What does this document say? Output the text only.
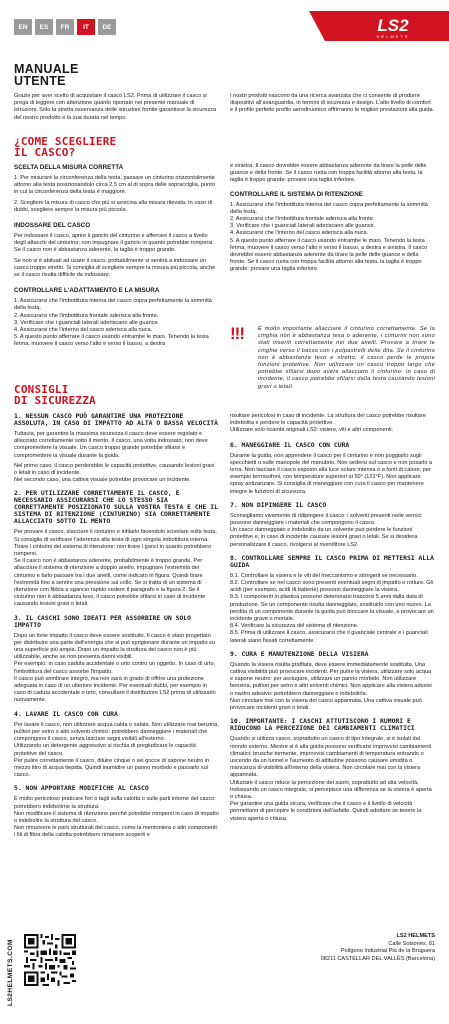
EN	ES	FR	IT	DE	LS2
HELMETS
MANUALE
UTENTE

Grazie per aver scelto di acquistare il casco LS2. Prima di utilizzare il casco si prega di leggere con attenzione quanto riportato nel presente manuale di istruzioni. Solo la stretta osservanza delle istruzioni fornite garantisce la sicurezza del nostro prodotto e la sua durata nel tempo.

I nostri prodotti nascono da una ricerca avanzata che ci consente di produrre dispositivi all'avanguardia, in termini di sicurezza e design. L'alto livello di comfort e il profilo perfetto profilo aerodinamico offrirranno le migliori prestazioni alla guida.

¿COME SCEGLIERE
IL CASCO?
SCELTA DELLA MISURA CORRETTA

1. Per misurare la circonferenza della testa, passare un cinturino orizzontalmente attorno alla testa posizionandolo circa 2,5 cm al di sopra delle sopracciglia, punto in cui la circonferenza della testa è maggiore.

2. Scegliere la misura di casco che più si avvicina alla misura rilevata. In caso di dubbi, scegliere sempre la misura più piccola.

INDOSSARE DEL CASCO

Per indossare il casco, aprire il gancio del cinturino e afferrare il casco a livello degli attacchi del cinturino; non impugnare il gancio in quanto potrebbe rompersi. Se il casco non è abbastanza aderente, la taglia è troppo grande.

Se non si è abituati ad usare il casco, probabilmente si sentirà a indossare un casco troppo stretto. Si consiglia di scegliere sempre la misura più piccola, anche se il casco risulta difficile da indossare.

CONTROLLARE L'ADATTAMENTO E LA MISURA

1. Assicurarsi che l'imbottitura interna del casco copra perfettamente la sommità della testa.

2. Assicurarsi che l'imbottitura frontale aderisca alla fronte.

3. Verificare che i guanciali laterali aderiscano alle guance.

4. Assicurarsi che l'interno del casco aderisca alla nuca.

5. A questo punto afferrare il casco usando entrambe le mani. Tenendo la testa ferma, muovere il casco verso l'alto e verso il basso, a destra

e sinistra. Il casco dovrebbe essere abbastanza aderente da tirare la pelle delle guance e della fronte. Se il casco ruota con troppa facilità attorno alla testa, la taglia è troppo grande: provare una taglia inferiore.

CONTROLLARE IL SISTEMA DI RITENZIONE

1. Assicurarsi che l'imbottitura interna del casco copra perfettamente la sommità della testa.

2. Assicurarsi che l'imbottitura frontale aderisca alla fronte.

3. Verificare che i guanciali laterali aderiscano alle guance.

4. Assicurarsi che l'interno del casco aderisca alla nuca.

5. A questo punto afferrare il casco usando entrambe le mani. Tenendo la testa ferma, muovere il casco verso l'alto e verso il basso, a destra e sinistra. Il casco dovrebbe essere abbastanza aderente da tirare la pelle delle guance e della fronte. Se il casco ruota con troppa facilità attorno alla testa, la taglia è troppo grande: provare una taglia inferiore.

!!!	È molto importante allacciare il cinturino correttamente. Se la cinghia non è abbastanza tesa o aderente, i cinturini non sono stati inseriti correttamente nei due anelli. Provare a tirare le cinghie verso il basso con i polpastrelli delle dita. Se il cinturino non è abbastanza teso e stretto, il casco perde le proprie funzioni protettive. Non utilizzare un casco troppo largo che potrebbe sfilarsi dopo avere allacciato il cinturino: in caso di incidente, il casco potrebbe sfilarsi dalla testa causando lesioni gravi o letali.
CONSIGLI
DI SICUREZZA
1. NESSUN CASCO PUÒ GARANTIRE UNA PROTEZIONE ASSOLUTA, IN CASO DI IMPATTO AD ALTA O BASSA VELOCITÀ

Tuttavia, per garantire la massima sicurezza il casco deve essere regolato e allacciato correttamente sotto il mento. Il casco, una volta indossato, non deve compromettere la visuale. Un casco troppo grande potrebbe sfilarsi e compromettere la visuale durante la guida.

Nel primo caso, il casco perderebbe le capacità protettive, causando lesioni gravi o letali in caso di incidente.

Nel secondo caso, una cattiva visuale potrebbe provocare un incidente.

2. PER UTILIZZARE CORRETTAMENTE IL CASCO, È NECESSARIO ASSICURARSI CHE LO STESSO SIA CORRETTAMENTE POSIZIONATO SULLA VOSTRA TESTA E CHE IL SISTEMA DI RITENZIONE (CINTURINO) SIA CORRETTAMENTE ALLACCIATO SOTTO IL MENTO

Per provare il casco, slacciare il cinturino e infilarlo facendolo scivolare sulla testa. Si consiglia di verificare l'aderenza alla testa di ogni singola imbottitura interna. Tirare i cinturini del sistema di ritenzione: non tirare i ganci in quanto potrebbero rompersi.

Se il casco non è abbastanza aderente, probabilmente è troppo grande. Per allacciare il sistema di ritenzione a doppio anello, impugnare l'estremità del cinturino e farlo passare tra i due anelli, come indicato in figura. Quindi tirare l'estremità fino a sentire una pressione sul collo. Se si tratta di un sistema di ritenzione con fibbia a sgancio rapido vedere il paragrafo e la figura 2. Se il cinturino non è abbastanza teso, il casco potrebbe sfilarsi in caso di incidente causando lesioni gravi o letali.

3. IL CASCHI SONO IDEATI PER ASSORBIRE UN SOLO IMPATTO

Dopo un forte impatto il casco deve essere sostituito. Il casco è stato progettato per distribuire una parte dell'energia che si può sprigionare durante un impatto su una superficie più ampia. Dopo un impatto la struttura del casco non è più utilizzabile, anche se non presenta danni visibili.

Per esempio: in caso caduta accidentale o urto contro un oggetto. In caso di urto, l'imbottitura del casco assorbe l'impatto.

Il casco può sembrare integro, ma non sarà in grado di offrire una protezione adeguata in caso di un ulteriore incidente. Per eventuali dubbi, per esempio in caso di caduta accidentale o urto, consultare il distributore LS2 prima di utilizzarlo nuovamente.

4. LAVARE IL CASCO CON CURA

Per lavare il casco, non utilizzare acqua calda o salata. Non utilizzare mai benzina, pulitori per vetro o altri solventi chimici: potrebbero danneggiare i materiali che compongono il casco, senza lasciare segni visibili all'esterno.

Utilizzando un detergente aggressivo si rischia di pregiudicare le capacità protettive del casco.

Per pulire correttamente il casco, diluire cinque o sei gocce di sapone neutro in mezzo litro di acqua tiepida. Quindi inumidire un panno morbido e passarlo sul casco.

5. NON APPORTARE MODIFICHE AL CASCO

È molto pericoloso praticare fori o tagli sulla calotta o sulle parti interne del casco: potrebbero indebolirne la struttura.

Non modificare il sistema di ritenzione perché potrebbe rompersi in caso di impatto o indebolire la struttura del casco.

Non rimuovere le parti strutturali del casco, come la mentoniera o altri componenti: i fili di fibra della calotta potrebbero rimanere scoperti e

risultare pericolosi in caso di incidente. La struttura del casco potrebbe risultare indebolita e perdere le capacità protettive.
Utilizzare solo ricambi originali LS2: visiere, viti e altri componenti.

6. MANEGGIARE IL CASCO CON CURA

Durante la guida, non appendere il casco per il cinturino e non poggiarlo sugli specchietti o sulle manopole del manubrio. Non sedersi sul casco e non posarlo a terra. Non lasciare il casco esposto alla luce solare intensa o a fonti di calore, per esempio termosifoni, con temperature superiori ai 50° (122°F). Non applicare spray antizanzare. Si consiglia di maneggiare con cura il casco per mantenere integre le funzioni di sicurezza.

7. NON DIPINGERE IL CASCO

Sconsigliamo vivamente di ridipingere il casco: i solventi presenti nelle vernici possono danneggiare i materiali che compongono il casco.

Un casco danneggiato e indebolito da un solvente può perdere le funzioni protettive e, in caso di incidente causare lesioni gravi o letali. Se si desidera personalizzare il casco, rivolgersi al rivenditore LS2.

8. CONTROLLARE SEMPRE IL CASCO PRIMA DI METTERSI ALLA GUIDA

8.1. Controllare la visiera e le viti del meccanismo e stringerli se necessario.

8.2. Controllare se nel casco sono presenti eventuali segni di impatto o rotture. Gli acidi (per esempio, acidi di batterie) possono danneggiare la visiera.

8.3. I componenti in plastica possono deteriorarsi trascorsi 5 anni dalla data di produzione. Se un componente risulta danneggiato, sostituirlo con uno nuovo. La perdita di un componente durante la guida può bloccare la visuale, e provocare un incidente grave o mortale.

8.4. Verificare la sicurezza del sistema di ritenzione.

8.5. Prima di utilizzare il casco, assicurarsi che il guanciale centrale e i guanciali laterali siano fissati correttamente.

9. CURA E MANUTENZIONE DELLA VISIERA

Quando la visiera risulta graffiata, deve essere immediatamente sostituita. Una cattiva visibilità può provocare incidenti. Per pulire la visiera, utilizzare solo acqua e sapone neutro: per asciugare, utilizzare un panno morbido. Non utilizzare benzina, pulitori per vetro o altri solventi chimici. Non applicare alla visiera adesivi o nastro adesivo: potrebbero danneggiare o indebolirla.

Non circolare mai con la visiera del casco appannata. Una cattiva visuale può provocare incidenti gravi o letali.

10. IMPORTANTE: I CASCHI ATTUTISCONO I RUMORI E RIDUCONO LA PERCEZIONE DEI CAMBIAMENTI CLIMATICI

Quando si utilizza casco, soprattutto un casco di tipo integrale, si è isolati dal mondo esterno. Mentre si è alla guida possono verificarsi improvvisi cambiamenti climatici: brusche tormente, improvvisi cambiamenti di temperatura entrando o uscendo da un tunnel e l'aumento di attitudine possono causare umidità o mancanza di visibilità all'interno della visiera. Non circolare mai con la visiera appannata.

Utilizzare il casco riduce la percezione dei suoni, soprattutto ad alta velocità. Indossando un casco integrale, si percepisce una differenza se la visiera è aperta o chiusa.

Per garantire una guida sicura, verificare che il casco e il livello di velocità permettano di percepire le condizioni dell'asfalto. Quindi adottare se tenere la visiera aperta o chiusa.

LS2HELMETS.COM
LS2 HELMETS
Calle Solsonès, 81
Polígono Industrial Pla de la Bruguera
08211 CASTELLAR DEL VALLÈS (Barcelona)
